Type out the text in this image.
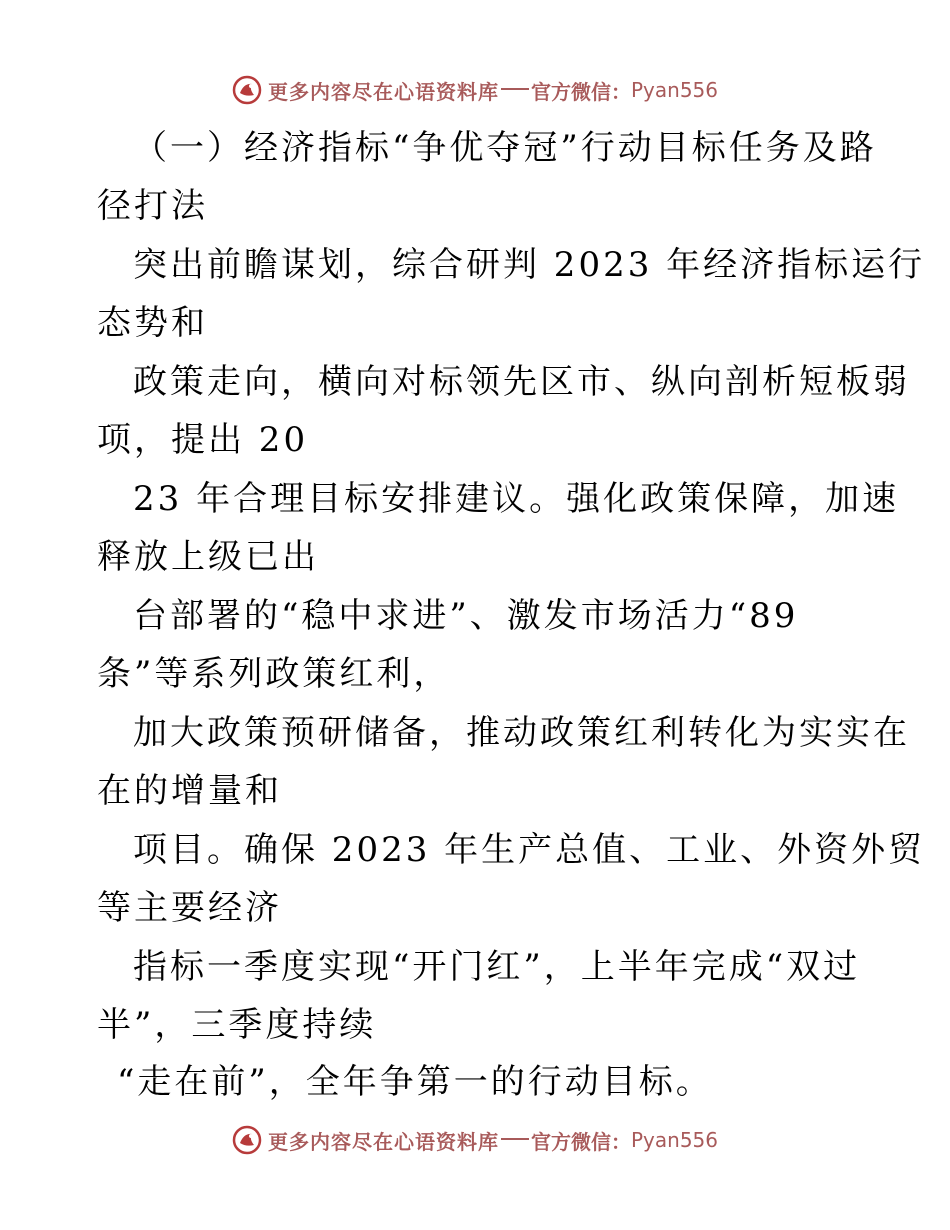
更多内容尽在心语资料库 官方微信： Pyan556
（一）经济指标“争优夺冠”行动目标任务及路
径打法
突出前瞻谋划，综合研判 2023 年经济指标运行
态势和
政策走向，横向对标领先区市、纵向剖析短板弱
项，提出 20
23 年合理目标安排建议。强化政策保障，加速
释放上级已出
台部署的“稳中求进”、激发市场活力“89
条”等系列政策红利，
加大政策预研储备，推动政策红利转化为实实在
在的增量和
项目。确保 2023 年生产总值、工业、外资外贸
等主要经济
指标一季度实现“开门红”，上半年完成“双过
半”，三季度持续
“走在前”，全年争第一的行动目标。
更多内容尽在心语资料库 官方微信： Pyan556
